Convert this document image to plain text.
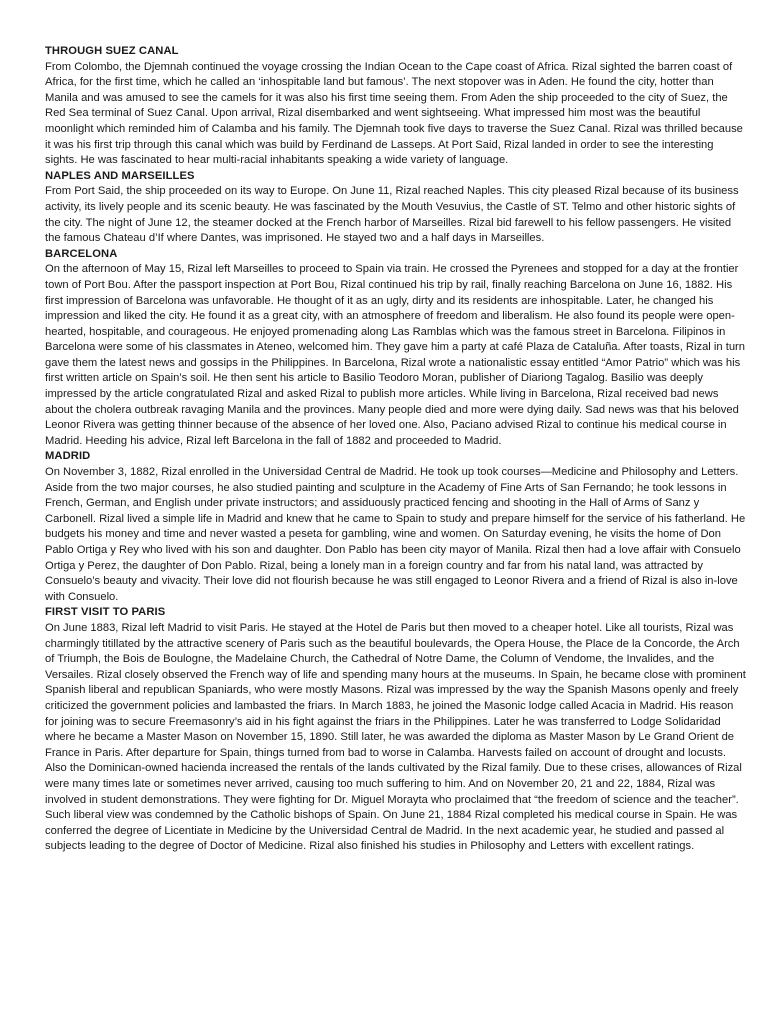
THROUGH SUEZ CANAL

From Colombo, the Djemnah continued the voyage crossing the Indian Ocean to the Cape coast of Africa. Rizal sighted the barren coast of Africa, for the first time, which he called an ‘inhospitable land but famous’. The next stopover was in Aden. He found the city, hotter than Manila and was amused to see the camels for it was also his first time seeing them. From Aden the ship proceeded to the city of Suez, the Red Sea terminal of Suez Canal. Upon arrival, Rizal disembarked and went sightseeing. What impressed him most was the beautiful moonlight which reminded him of Calamba and his family. The Djemnah took five days to traverse the Suez Canal. Rizal was thrilled because it was his first trip through this canal which was build by Ferdinand de Lasseps. At Port Said, Rizal landed in order to see the interesting sights. He was fascinated to hear multi-racial inhabitants speaking a wide variety of language.

NAPLES AND MARSEILLES

From Port Said, the ship proceeded on its way to Europe. On June 11, Rizal reached Naples. This city pleased Rizal because of its business activity, its lively people and its scenic beauty. He was fascinated by the Mouth Vesuvius, the Castle of ST. Telmo and other historic sights of the city. The night of June 12, the steamer docked at the French harbor of Marseilles. Rizal bid farewell to his fellow passengers. He visited the famous Chateau d’If where Dantes, was imprisoned. He stayed two and a half days in Marseilles.

BARCELONA

On the afternoon of May 15, Rizal left Marseilles to proceed to Spain via train. He crossed the Pyrenees and stopped for a day at the frontier town of Port Bou. After the passport inspection at Port Bou, Rizal continued his trip by rail, finally reaching Barcelona on June 16, 1882. His first impression of Barcelona was unfavorable. He thought of it as an ugly, dirty and its residents are inhospitable. Later, he changed his impression and liked the city. He found it as a great city, with an atmosphere of freedom and liberalism. He also found its people were open-hearted, hospitable, and courageous. He enjoyed promenading along Las Ramblas which was the famous street in Barcelona. Filipinos in Barcelona were some of his classmates in Ateneo, welcomed him. They gave him a party at café Plaza de Cataluña. After toasts, Rizal in turn gave them the latest news and gossips in the Philippines. In Barcelona, Rizal wrote a nationalistic essay entitled “Amor Patrio” which was his first written article on Spain’s soil. He then sent his article to Basilio Teodoro Moran, publisher of Diariong Tagalog. Basilio was deeply impressed by the article congratulated Rizal and asked Rizal to publish more articles. While living in Barcelona, Rizal received bad news about the cholera outbreak ravaging Manila and the provinces. Many people died and more were dying daily. Sad news was that his beloved Leonor Rivera was getting thinner because of the absence of her loved one. Also, Paciano advised Rizal to continue his medical course in Madrid. Heeding his advice, Rizal left Barcelona in the fall of 1882 and proceeded to Madrid.

MADRID

On November 3, 1882, Rizal enrolled in the Universidad Central de Madrid. He took up took courses—Medicine and Philosophy and Letters. Aside from the two major courses, he also studied painting and sculpture in the Academy of Fine Arts of San Fernando; he took lessons in French, German, and English under private instructors; and assiduously practiced fencing and shooting in the Hall of Arms of Sanz y Carbonell. Rizal lived a simple life in Madrid and knew that he came to Spain to study and prepare himself for the service of his fatherland. He budgets his money and time and never wasted a peseta for gambling, wine and women. On Saturday evening, he visits the home of Don Pablo Ortiga y Rey who lived with his son and daughter. Don Pablo has been city mayor of Manila. Rizal then had a love affair with Consuelo Ortiga y Perez, the daughter of Don Pablo. Rizal, being a lonely man in a foreign country and far from his natal land, was attracted by Consuelo’s beauty and vivacity. Their love did not flourish because he was still engaged to Leonor Rivera and a friend of Rizal is also in-love with Consuelo.

FIRST VISIT TO PARIS

On June 1883, Rizal left Madrid to visit Paris. He stayed at the Hotel de Paris but then moved to a cheaper hotel. Like all tourists, Rizal was charmingly titillated by the attractive scenery of Paris such as the beautiful boulevards, the Opera House, the Place de la Concorde, the Arch of Triumph, the Bois de Boulogne, the Madelaine Church, the Cathedral of Notre Dame, the Column of Vendome, the Invalides, and the Versailes. Rizal closely observed the French way of life and spending many hours at the museums. In Spain, he became close with prominent Spanish liberal and republican Spaniards, who were mostly Masons. Rizal was impressed by the way the Spanish Masons openly and freely criticized the government policies and lambasted the friars. In March 1883, he joined the Masonic lodge called Acacia in Madrid. His reason for joining was to secure Freemasonry’s aid in his fight against the friars in the Philippines. Later he was transferred to Lodge Solidaridad where he became a Master Mason on November 15, 1890. Still later, he was awarded the diploma as Master Mason by Le Grand Orient de France in Paris. After departure for Spain, things turned from bad to worse in Calamba. Harvests failed on account of drought and locusts. Also the Dominican-owned hacienda increased the rentals of the lands cultivated by the Rizal family. Due to these crises, allowances of Rizal were many times late or sometimes never arrived, causing too much suffering to him. And on November 20, 21 and 22, 1884, Rizal was involved in student demonstrations. They were fighting for Dr. Miguel Morayta who proclaimed that “the freedom of science and the teacher”. Such liberal view was condemned by the Catholic bishops of Spain. On June 21, 1884 Rizal completed his medical course in Spain. He was conferred the degree of Licentiate in Medicine by the Universidad Central de Madrid. In the next academic year, he studied and passed al subjects leading to the degree of Doctor of Medicine. Rizal also finished his studies in Philosophy and Letters with excellent ratings.
